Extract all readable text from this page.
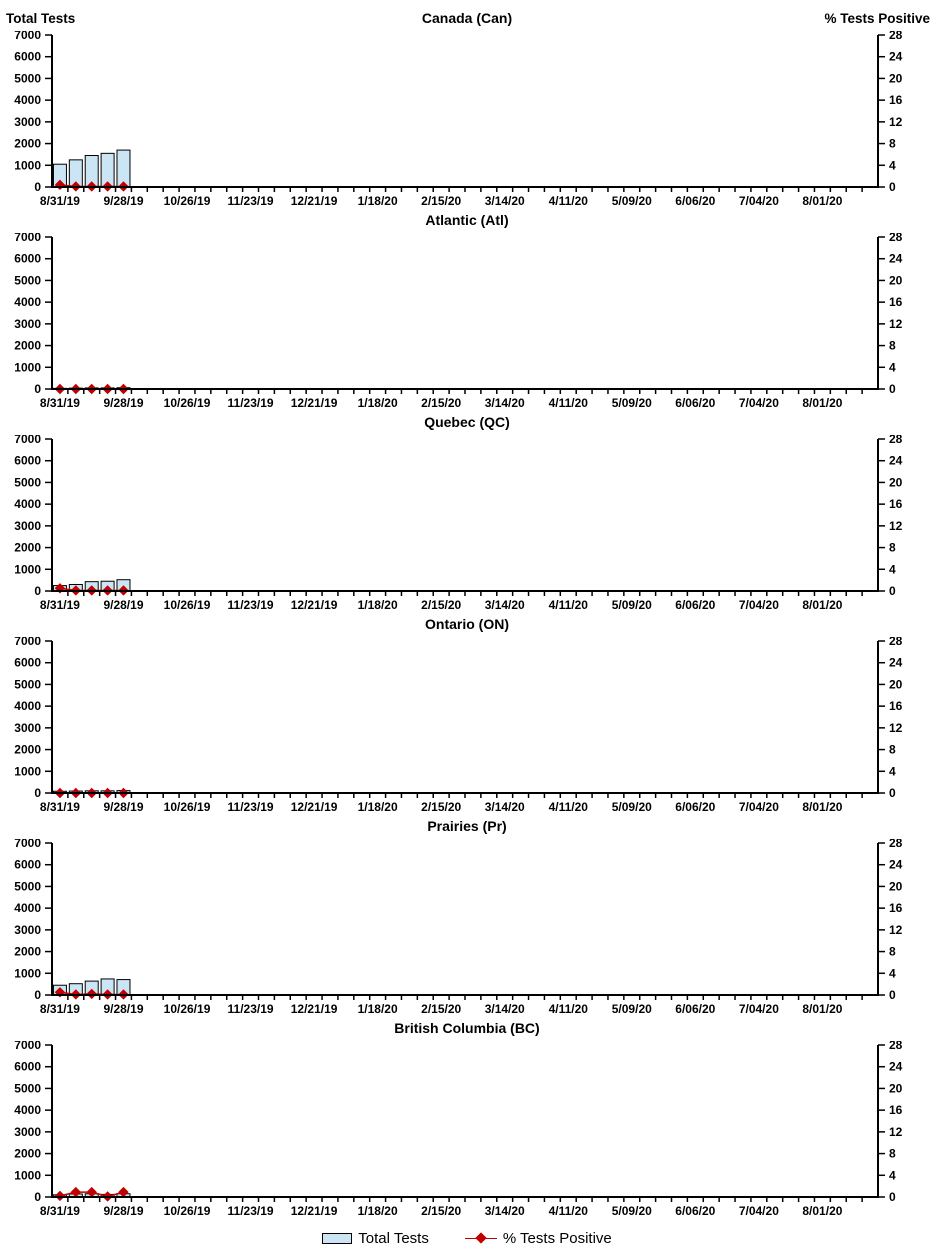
Total Tests	Canada (Can)	% Tests Positive
0
1000
2000
3000
4000
5000
6000
7000
0
4
8
12
16
20
24
28
8/31/19 9/28/19 10/26/19 11/23/19 12/21/19 1/18/20 2/15/20 3/14/20 4/11/20 5/09/20 6/06/20 7/04/20 8/01/20
Atlantic (Atl)
0
1000
2000
3000
4000
5000
6000
7000
0
4
8
12
16
20
24
28
8/31/19 9/28/19 10/26/19 11/23/19 12/21/19 1/18/20 2/15/20 3/14/20 4/11/20 5/09/20 6/06/20 7/04/20 8/01/20
Quebec (QC)
0
1000
2000
3000
4000
5000
6000
7000
0
4
8
12
16
20
24
28
8/31/19 9/28/19 10/26/19 11/23/19 12/21/19 1/18/20 2/15/20 3/14/20 4/11/20 5/09/20 6/06/20 7/04/20 8/01/20
Ontario (ON)
0
1000
2000
3000
4000
5000
6000
7000
0
4
8
12
16
20
24
28
8/31/19 9/28/19 10/26/19 11/23/19 12/21/19 1/18/20 2/15/20 3/14/20 4/11/20 5/09/20 6/06/20 7/04/20 8/01/20
Prairies (Pr)
0
1000
2000
3000
4000
5000
6000
7000
0
4
8
12
16
20
24
28
8/31/19 9/28/19 10/26/19 11/23/19 12/21/19 1/18/20 2/15/20 3/14/20 4/11/20 5/09/20 6/06/20 7/04/20 8/01/20
British Columbia (BC)
0
1000
2000
3000
4000
5000
6000
7000
0
4
8
12
16
20
24
28
8/31/19 9/28/19 10/26/19 11/23/19 12/21/19 1/18/20 2/15/20 3/14/20 4/11/20 5/09/20 6/06/20 7/04/20 8/01/20
Total Tests	% Tests Positive
